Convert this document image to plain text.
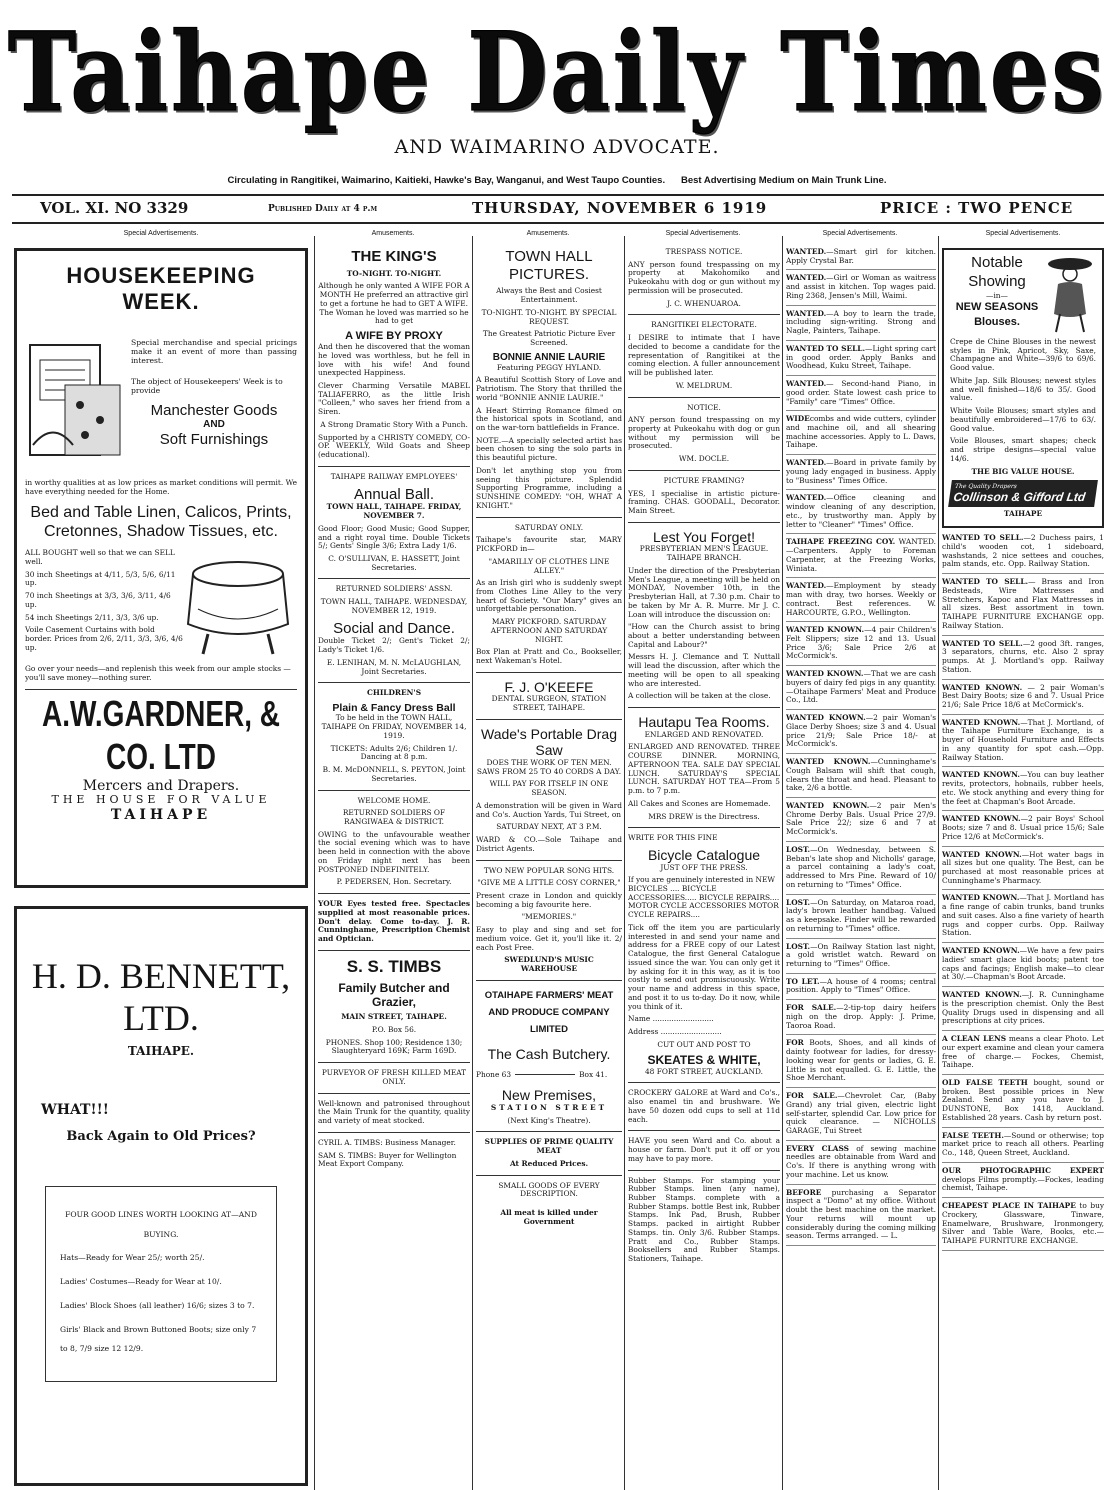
Taihape Daily Times
AND WAIMARINO ADVOCATE.
Circulating in Rangitikei, Waimarino, Kaitieki, Hawke's Bay, Wanganui, and West Taupo Counties. Best Advertising Medium on Main Trunk Line.
VOL. XI. NO 3329	Published Daily at 4 p.m	THURSDAY, NOVEMBER 6 1919	PRICE : TWO PENCE
Special Advertisements.	Amusements.	Amusements.	Special Advertisements.	Special Advertisements.	Special Advertisements.
HOUSEKEEPING WEEK.

Special merchandise and special pricings make it an event of more than passing interest.

The object of Housekeepers' Week is to provide

Manchester Goods
AND
Soft Furnishings

in worthy qualities at as low prices as market conditions will permit. We have everything needed for the Home.

Bed and Table Linen, Calicos, Prints, Cretonnes, Shadow Tissues, etc.

ALL BOUGHT well so that we can SELL well.

30 inch Sheetings at 4/11, 5/3, 5/6, 6/11 up.

70 inch Sheetings at 3/3, 3/6, 3/11, 4/6 up.

54 inch Sheetings 2/11, 3/3, 3/6 up.

Voile Casement Curtains with bold border. Prices from 2/6, 2/11, 3/3, 3/6, 4/6 up.

Go over your needs—and replenish this week from our ample stocks —you'll save money—nothing surer.

A.W.GARDNER, & CO. LTD
Mercers and Drapers.
THE HOUSE FOR VALUE
TAIHAPE
H. D. BENNETT, LTD.
TAIHAPE.
WHAT!!!
Back Again to Old Prices?

FOUR GOOD LINES WORTH LOOKING AT—AND BUYING.

Hats—Ready for Wear 25/; worth 25/.

Ladies' Costumes—Ready for Wear at 10/.

Ladies' Block Shoes (all leather) 16/6; sizes 3 to 7.

Girls' Black and Brown Buttoned Boots; size only 7 to 8, 7/9 size 12 12/9.

THE KING'S

TO-NIGHT. TO-NIGHT.

Although he only wanted A WIFE FOR A MONTH He preferred an attractive girl to get a fortune he had to GET A WIFE. The Woman he loved was married so he had to get

A WIFE BY PROXY

And then he discovered that the woman he loved was worthless, but he fell in love with his wife! And found unexpected Happiness.

Clever Charming Versatile MABEL TALIAFERRO, as the little Irish "Colleen," who saves her friend from a Siren.

A Strong Dramatic Story With a Punch.

Supported by a CHRISTY COMEDY, CO-OP. WEEKLY, Wild Goats and Sheep (educational).

TAIHAPE RAILWAY EMPLOYEES'

Annual Ball.

TOWN HALL, TAIHAPE. FRIDAY, NOVEMBER 7.

Good Floor; Good Music; Good Supper, and a right royal time. Double Tickets 5/; Gents' Single 3/6; Extra Lady 1/6.

C. O'SULLIVAN, E. HASSETT, Joint Secretaries.

RETURNED SOLDIERS' ASSN.

TOWN HALL, TAIHAPE. WEDNESDAY, NOVEMBER 12, 1919.

Social and Dance.

Double Ticket 2/; Gent's Ticket 2/; Lady's Ticket 1/6.

E. LENIHAN, M. N. McLAUGHLAN, Joint Secretaries.

CHILDREN'S

Plain & Fancy Dress Ball

To be held in the TOWN HALL, TAIHAPE On FRIDAY, NOVEMBER 14, 1919.

TICKETS: Adults 2/6; Children 1/. Dancing at 8 p.m.

B. M. McDONNELL, S. PEYTON, Joint Secretaries.

WELCOME HOME.

RETURNED SOLDIERS OF RANGIWAEA & DISTRICT.

OWING to the unfavourable weather the social evening which was to have been held in connection with the above on Friday night next has been POSTPONED INDEFINITELY.

P. PEDERSEN, Hon. Secretary.

YOUR Eyes tested free. Spectacles supplied at most reasonable prices. Don't delay. Come to-day. J. R. Cunninghame, Prescription Chemist and Optician.

S. S. TIMBS
Family Butcher and Grazier,

MAIN STREET, TAIHAPE.

P.O. Box 56.

PHONES. Shop 100; Residence 130; Slaughteryard 169K; Farm 169D.

PURVEYOR OF FRESH KILLED MEAT ONLY.

Well-known and patronised throughout the Main Trunk for the quantity, quality and variety of meat stocked.

CYRIL A. TIMBS: Business Manager.

SAM S. TIMBS: Buyer for Wellington Meat Export Company.

TOWN HALL PICTURES.

Always the Best and Cosiest Entertainment.

TO-NIGHT. TO-NIGHT. BY SPECIAL REQUEST.

The Greatest Patriotic Picture Ever Screened.

BONNIE ANNIE LAURIE

Featuring PEGGY HYLAND.

A Beautiful Scottish Story of Love and Patriotism. The Story that thrilled the world "BONNIE ANNIE LAURIE."

A Heart Stirring Romance filmed on the historical spots in Scotland, and on the war-torn battlefields in France.

NOTE.—A specially selected artist has been chosen to sing the solo parts in this beautiful picture.

Don't let anything stop you from seeing this picture. Splendid Supporting Programme, including a SUNSHINE COMEDY: "OH, WHAT A KNIGHT."

SATURDAY ONLY.

Taihape's favourite star, MARY PICKFORD in—

"AMARILLY OF CLOTHES LINE ALLEY."

As an Irish girl who is suddenly swept from Clothes Line Alley to the very heart of Society. "Our Mary" gives an unforgettable personation.

MARY PICKFORD. SATURDAY AFTERNOON AND SATURDAY NIGHT.

Box Plan at Pratt and Co., Bookseller, next Wakeman's Hotel.

F. J. O'KEEFE

DENTAL SURGEON, STATION STREET, TAIHAPE.

Wade's Portable Drag Saw

DOES THE WORK OF TEN MEN. SAWS FROM 25 TO 40 CORDS A DAY.

WILL PAY FOR ITSELF IN ONE SEASON.

A demonstration will be given in Ward and Co's. Auction Yards, Tui Street, on

SATURDAY NEXT, AT 3 P.M.

WARD & CO.—Sole Taihape and District Agents.

TWO NEW POPULAR SONG HITS.

"GIVE ME A LITTLE COSY CORNER,"

Present craze in London and quickly becoming a big favourite here.

"MEMORIES."

Easy to play and sing and set for medium voice. Get it, you'll like it. 2/ each Post Free.

SWEDLUND'S MUSIC WAREHOUSE

OTAIHAPE FARMERS' MEAT AND PRODUCE COMPANY LIMITED
The Cash Butchery.

Phone 63	Box 41.

New Premises,

STATION STREET

(Next King's Theatre).

SUPPLIES OF PRIME QUALITY MEAT

At Reduced Prices.

SMALL GOODS OF EVERY DESCRIPTION.

All meat is killed under Government

TRESPASS NOTICE.

ANY person found trespassing on my property at Makohomiko and Pukeokahu with dog or gun without my permission will be prosecuted.

J. C. WHENUAROA.

RANGITIKEI ELECTORATE.

I DESIRE to intimate that I have decided to become a candidate for the representation of Rangitikei at the coming election. A fuller announcement will be published later.

W. MELDRUM.

NOTICE.

ANY person found trespassing on my property at Pukeokahu with dog or gun without my permission will be prosecuted.

WM. DOCLE.

PICTURE FRAMING?

YES, I specialise in artistic picture-framing. CHAS. GOODALL, Decorator. Main Street.

Lest You Forget!

PRESBYTERIAN MEN'S LEAGUE. TAIHAPE BRANCH.

Under the direction of the Presbyterian Men's League, a meeting will be held on MONDAY, November 10th, in the Presbyterian Hall, at 7.30 p.m. Chair to be taken by Mr A. R. Murre. Mr J. C. Loan will introduce the discussion on:

"How can the Church assist to bring about a better understanding between Capital and Labour?"

Messrs H. J. Clemance and T. Nuttall will lead the discussion, after which the meeting will be open to all speaking who are interested.

A collection will be taken at the close.

Hautapu Tea Rooms.

ENLARGED AND RENOVATED.

ENLARGED AND RENOVATED. THREE COURSE DINNER. MORNING, AFTERNOON TEA. SALE DAY SPECIAL LUNCH. SATURDAY'S SPECIAL LUNCH. SATURDAY HOT TEA—From 5 p.m. to 7 p.m.

All Cakes and Scones are Homemade.

MRS DREW is the Directress.

WRITE FOR THIS FINE

Bicycle Catalogue

JUST OFF THE PRESS.

If you are genuinely interested in NEW BICYCLES .... BICYCLE ACCESSORIES..... BICYCLE REPAIRS.... MOTOR CYCLE ACCESSORIES MOTOR CYCLE REPAIRS....

Tick off the item you are particularly interested in and send your name and address for a FREE copy of our Latest Catalogue, the first General Catalogue issued since the war. You can only get it by asking for it in this way, as it is too costly to send out promiscuously. Write your name and address in this space, and post it to us to-day. Do it now, while you think of it.

Name ..........................

Address ..........................

CUT OUT AND POST TO

SKEATES & WHITE,

48 FORT STREET, AUCKLAND.

CROCKERY GALORE at Ward and Co's., also enamel tin and brushware. We have 50 dozen odd cups to sell at 11d each.

HAVE you seen Ward and Co. about a house or farm. Don't put it off or you may have to pay more.

Rubber Stamps. For stamping your Rubber Stamps. linen (any name), Rubber Stamps. complete with a Rubber Stamps. bottle Best ink, Rubber Stamps. Ink Pad, Brush, Rubber Stamps. packed in airtight Rubber Stamps. tin. Only 3/6. Rubber Stamps. Pratt and Co., Rubber Stamps. Booksellers and Rubber Stamps. Stationers, Taihape.

WANTED.—Smart girl for kitchen. Apply Crystal Bar.
WANTED.—Girl or Woman as waitress and assist in kitchen. Top wages paid. Ring 2368, Jensen's Mill, Waimi.
WANTED.—A boy to learn the trade, including sign-writing. Strong and Nagle, Painters, Taihape.
WANTED TO SELL.—Light spring cart in good order. Apply Banks and Woodhead, Kuku Street, Taihape.
WANTED.— Second-hand Piano, in good order. State lowest cash price to "Family" care "Times" Office.
WIDEcombs and wide cutters, cylinder and machine oil, and all shearing machine accessories. Apply to L. Daws, Taihape.
WANTED.—Board in private family by young lady engaged in business. Apply to "Business" Times Office.
WANTED.—Office cleaning and window cleaning of any description, etc., by trustworthy man. Apply by letter to "Cleaner" "Times" Office.
TAIHAPE FREEZING COY. WANTED.—Carpenters. Apply to Foreman Carpenter, at the Freezing Works, Winiata.
WANTED.—Employment by steady man with dray, two horses. Weekly or contract. Best references. W. HARCOURTE, G.P.O., Wellington.
WANTED KNOWN.—4 pair Children's Felt Slippers; size 12 and 13. Usual Price 3/6; Sale Price 2/6 at McCormick's.
WANTED KNOWN.—That we are cash buyers of dairy fed pigs in any quantity.—Otaihape Farmers' Meat and Produce Co., Ltd.
WANTED KNOWN.—2 pair Woman's Glace Derby Shoes; size 3 and 4. Usual price 21/9; Sale Price 18/- at McCormick's.
WANTED KNOWN.—Cunninghame's Cough Balsam will shift that cough, clears the throat and head. Pleasant to take, 2/6 a bottle.
WANTED KNOWN.—2 pair Men's Chrome Derby Bals. Usual Price 27/9. Sale Price 22/; size 6 and 7 at McCormick's.
LOST.—On Wednesday, between S. Beban's late shop and Nicholls' garage, a parcel containing a lady's coat, addressed to Mrs Pine. Reward of 10/ on returning to "Times" Office.
LOST.—On Saturday, on Mataroa road, lady's brown leather handbag. Valued as a keepsake. Finder will be rewarded on returning to "Times" office.
LOST.—On Railway Station last night, a gold wristlet watch. Reward on returning to "Times" Office.
TO LET.—A house of 4 rooms; central position. Apply to "Times" Office.
FOR SALE.—2-tip-top dairy heifers nigh on the drop. Apply: J. Prime, Taoroa Road.
FOR Boots, Shoes, and all kinds of dainty footwear for ladies, for dressy-looking wear for gents or ladies, G. E. Little is not equalled. G. E. Little, the Shoe Merchant.
FOR SALE.—Chevrolet Car, (Baby Grand) any trial given, electric light self-starter, splendid Car. Low price for quick clearance. — NICHOLLS GARAGE, Tui Street
EVERY CLASS of sewing machine needles are obtainable from Ward and Co's. If there is anything wrong with your machine. Let us know.
BEFORE purchasing a Separator inspect a "Domo" at my office. Without doubt the best machine on the market. Your returns will mount up considerably during the coming milking season. Terms arranged. — L.
Notable Showing
—in—
NEW SEASONS Blouses.

Crepe de Chine Blouses in the newest styles in Pink, Apricot, Sky, Saxe, Champagne and White—39/6 to 69/6. Good value.

White Jap. Silk Blouses; newest styles and well finished—18/6 to 35/. Good value.

White Voile Blouses; smart styles and beautifully embroidered—17/6 to 63/. Good value.

Voile Blouses, smart shapes; check and stripe designs—special value 14/6.

THE BIG VALUE HOUSE.

The Quality Drapers
Collinson & Gifford Ltd

TAIHAPE

WANTED TO SELL.—2 Duchess pairs, 1 child's wooden cot, 1 sideboard, washstands, 2 nice settees and couches, palm stands, etc. Opp. Railway Station.
WANTED TO SELL.— Brass and Iron Bedsteads, Wire Mattresses and Stretchers, Kapoc and Flax Mattresses in all sizes. Best assortment in town. TAIHAPE FURNITURE EXCHANGE opp. Railway Station.
WANTED TO SELL.—2 good 3ft. ranges, 3 separators, churns, etc. Also 2 spray pumps. At J. Mortland's opp. Railway Station.
WANTED KNOWN. — 2 pair Woman's Best Dairy Boots; size 6 and 7. Usual Price 21/6; Sale Price 18/6 at McCormick's.
WANTED KNOWN.—That J. Mortland, of the Taihape Furniture Exchange, is a buyer of Household Furniture and Effects in any quantity for spot cash.—Opp. Railway Station.
WANTED KNOWN.—You can buy leather revits, protectors, hobnails, rubber heels, etc. We stock anything and every thing for the feet at Chapman's Boot Arcade.
WANTED KNOWN.—2 pair Boys' School Boots; size 7 and 8. Usual price 15/6; Sale Price 12/6 at McCormick's.
WANTED KNOWN.—Hot water bags in all sizes but one quality. The Best, can be purchased at most reasonable prices at Cunninghame's Pharmacy.
WANTED KNOWN.—That J. Mortland has a fine range of cabin trunks, band trunks and suit cases. Also a fine variety of hearth rugs and copper curbs. Opp. Railway Station.
WANTED KNOWN.—We have a few pairs ladies' smart glace kid boots; patent toe caps and facings; English make—to clear at 30/.—Chapman's Boot Arcade.
WANTED KNOWN.—J. R. Cunninghame is the prescription chemist. Only the Best Quality Drugs used in dispensing and all prescriptions at city prices.
A CLEAN LENS means a clear Photo. Let our expert examine and clean your camera free of charge.— Fockes, Chemist, Taihape.
OLD FALSE TEETH bought, sound or broken. Best possible prices in New Zealand. Send any you have to J. DUNSTONE, Box 1418, Auckland. Established 28 years. Cash by return post.
FALSE TEETH.—Sound or otherwise; top market price to reach all others. Pearling Co., 148, Queen Street, Auckland.
OUR PHOTOGRAPHIC EXPERT develops Films promptly.—Fockes, leading chemist, Taihape.
CHEAPEST PLACE IN TAIHAPE to buy Crockery, Glassware, Tinware, Enamelware, Brushware, Ironmongery, Silver and Table Ware, Books, etc.— TAIHAPE FURNITURE EXCHANGE.
